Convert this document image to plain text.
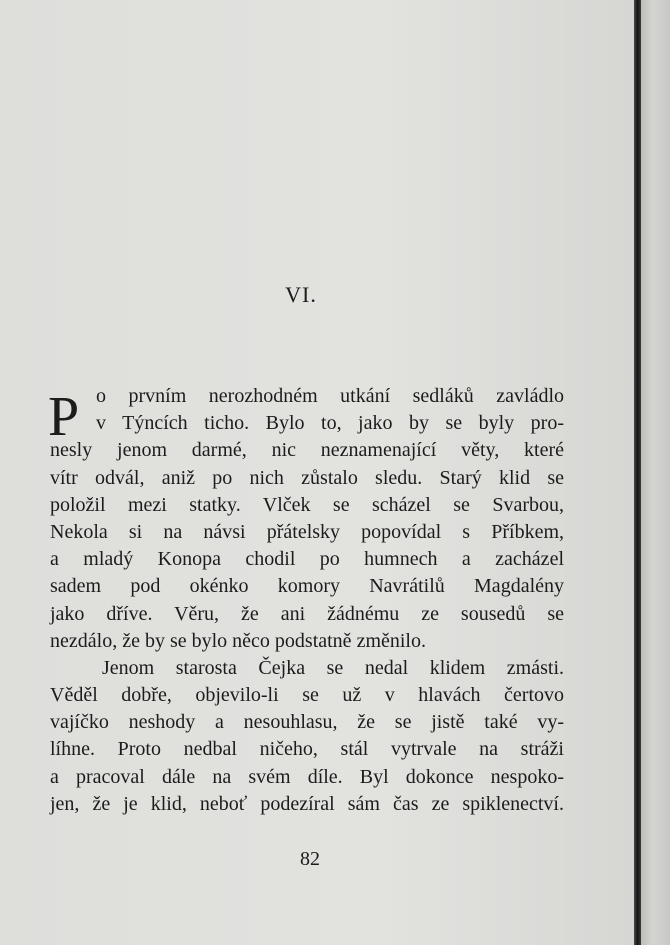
VI.
P o prvním nerozhodném utkání sedláků zavládlo
v Týncích ticho. Bylo to, jako by se byly pro-
nesly jenom darmé, nic neznamenající věty, které
vítr odvál, aniž po nich zůstalo sledu. Starý klid se
položil mezi statky. Vlček se scházel se Svarbou,
Nekola si na návsi přátelsky popovídal s Příbkem,
a mladý Konopa chodil po humnech a zacházel
sadem pod okénko komory Navrátilů Magdalény
jako dříve. Věru, že ani žádnému ze sousedů se
nezdálo, že by se bylo něco podstatně změnilo.
Jenom starosta Čejka se nedal klidem zmásti.
Věděl dobře, objevilo-li se už v hlavách čertovo
vajíčko neshody a nesouhlasu, že se jistě také vy-
líhne. Proto nedbal ničeho, stál vytrvale na stráži
a pracoval dále na svém díle. Byl dokonce nespoko-
jen, že je klid, neboť podezíral sám čas ze spiklenectví.
82
